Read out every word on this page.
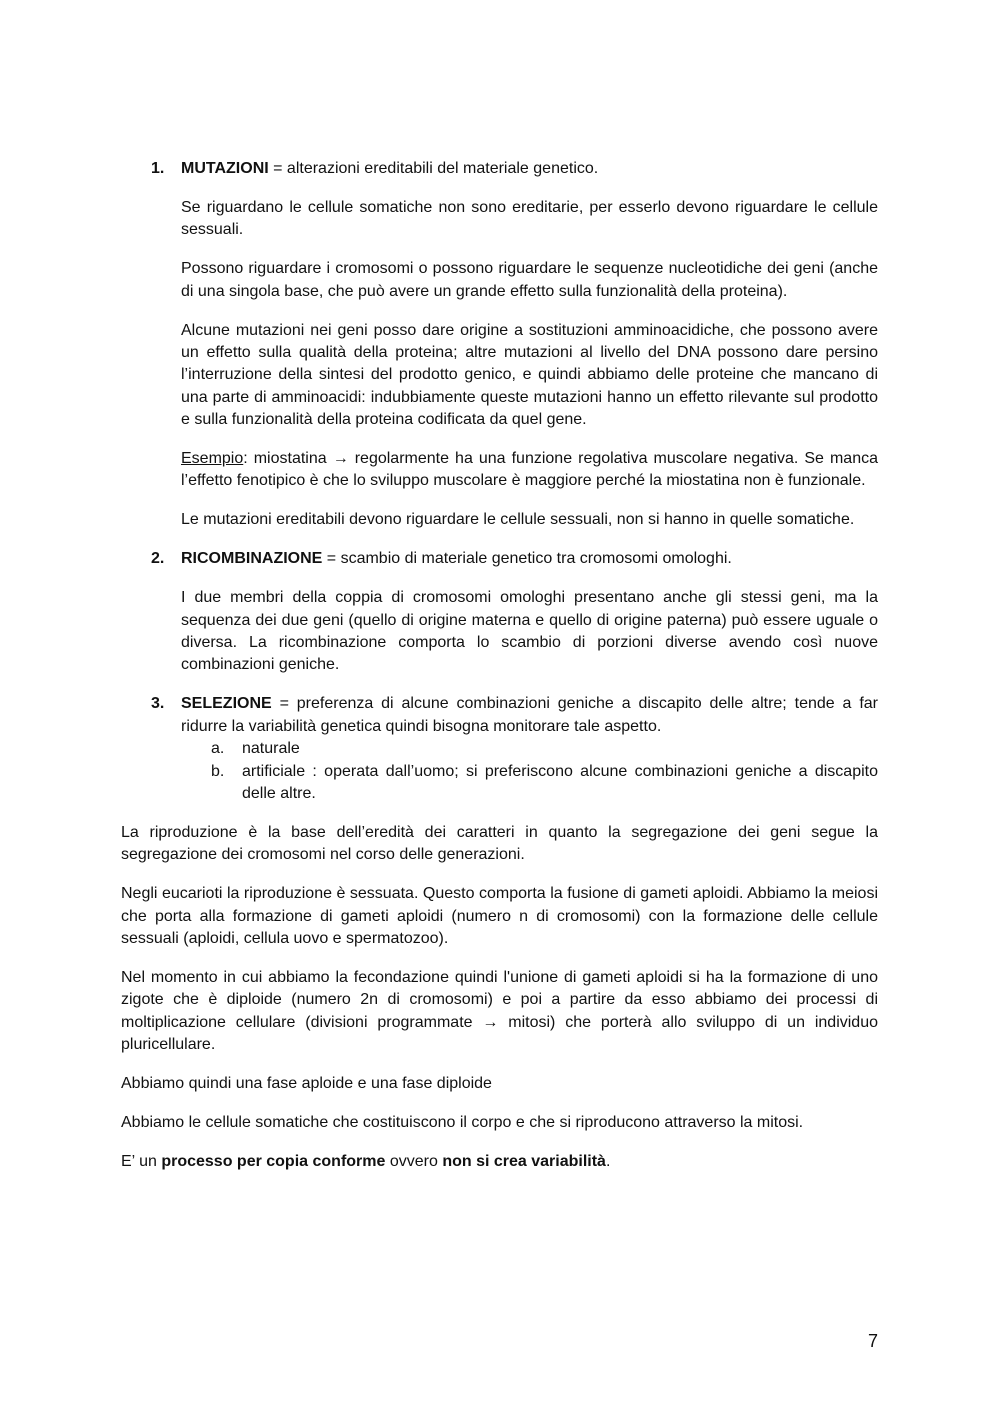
1. MUTAZIONI = alterazioni ereditabili del materiale genetico.

Se riguardano le cellule somatiche non sono ereditarie, per esserlo devono riguardare le cellule sessuali.

Possono riguardare i cromosomi o possono riguardare le sequenze nucleotidiche dei geni (anche di una singola base, che può avere un grande effetto sulla funzionalità della proteina).

Alcune mutazioni nei geni posso dare origine a sostituzioni amminoacidiche, che possono avere un effetto sulla qualità della proteina; altre mutazioni al livello del DNA possono dare persino l’interruzione della sintesi del prodotto genico, e quindi abbiamo delle proteine che mancano di una parte di amminoacidi: indubbiamente queste mutazioni hanno un effetto rilevante sul prodotto e sulla funzionalità della proteina codificata da quel gene.

Esempio: miostatina → regolarmente ha una funzione regolativa muscolare negativa. Se manca l’effetto fenotipico è che lo sviluppo muscolare è maggiore perché la miostatina non è funzionale.

Le mutazioni ereditabili devono riguardare le cellule sessuali, non si hanno in quelle somatiche.

2. RICOMBINAZIONE = scambio di materiale genetico tra cromosomi omologhi.

I due membri della coppia di cromosomi omologhi presentano anche gli stessi geni, ma la sequenza dei due geni (quello di origine materna e quello di origine paterna) può essere uguale o diversa. La ricombinazione comporta lo scambio di porzioni diverse avendo così nuove combinazioni geniche.

3. SELEZIONE = preferenza di alcune combinazioni geniche a discapito delle altre; tende a far ridurre la variabilità genetica quindi bisogna monitorare tale aspetto.

a. naturale

b. artificiale : operata dall’uomo; si preferiscono alcune combinazioni geniche a discapito delle altre.

La riproduzione è la base dell’eredità dei caratteri in quanto la segregazione dei geni segue la segregazione dei cromosomi nel corso delle generazioni.

Negli eucarioti la riproduzione è sessuata. Questo comporta la fusione di gameti aploidi. Abbiamo la meiosi che porta alla formazione di gameti aploidi (numero n di cromosomi) con la formazione delle cellule sessuali (aploidi, cellula uovo e spermatozoo).

Nel momento in cui abbiamo la fecondazione quindi l'unione di gameti aploidi si ha la formazione di uno zigote che è diploide (numero 2n di cromosomi) e poi a partire da esso abbiamo dei processi di moltiplicazione cellulare (divisioni programmate → mitosi) che porterà allo sviluppo di un individuo pluricellulare.

Abbiamo quindi una fase aploide e una fase diploide

Abbiamo le cellule somatiche che costituiscono il corpo e che si riproducono attraverso la mitosi.

E’ un processo per copia conforme ovvero non si crea variabilità.

7
